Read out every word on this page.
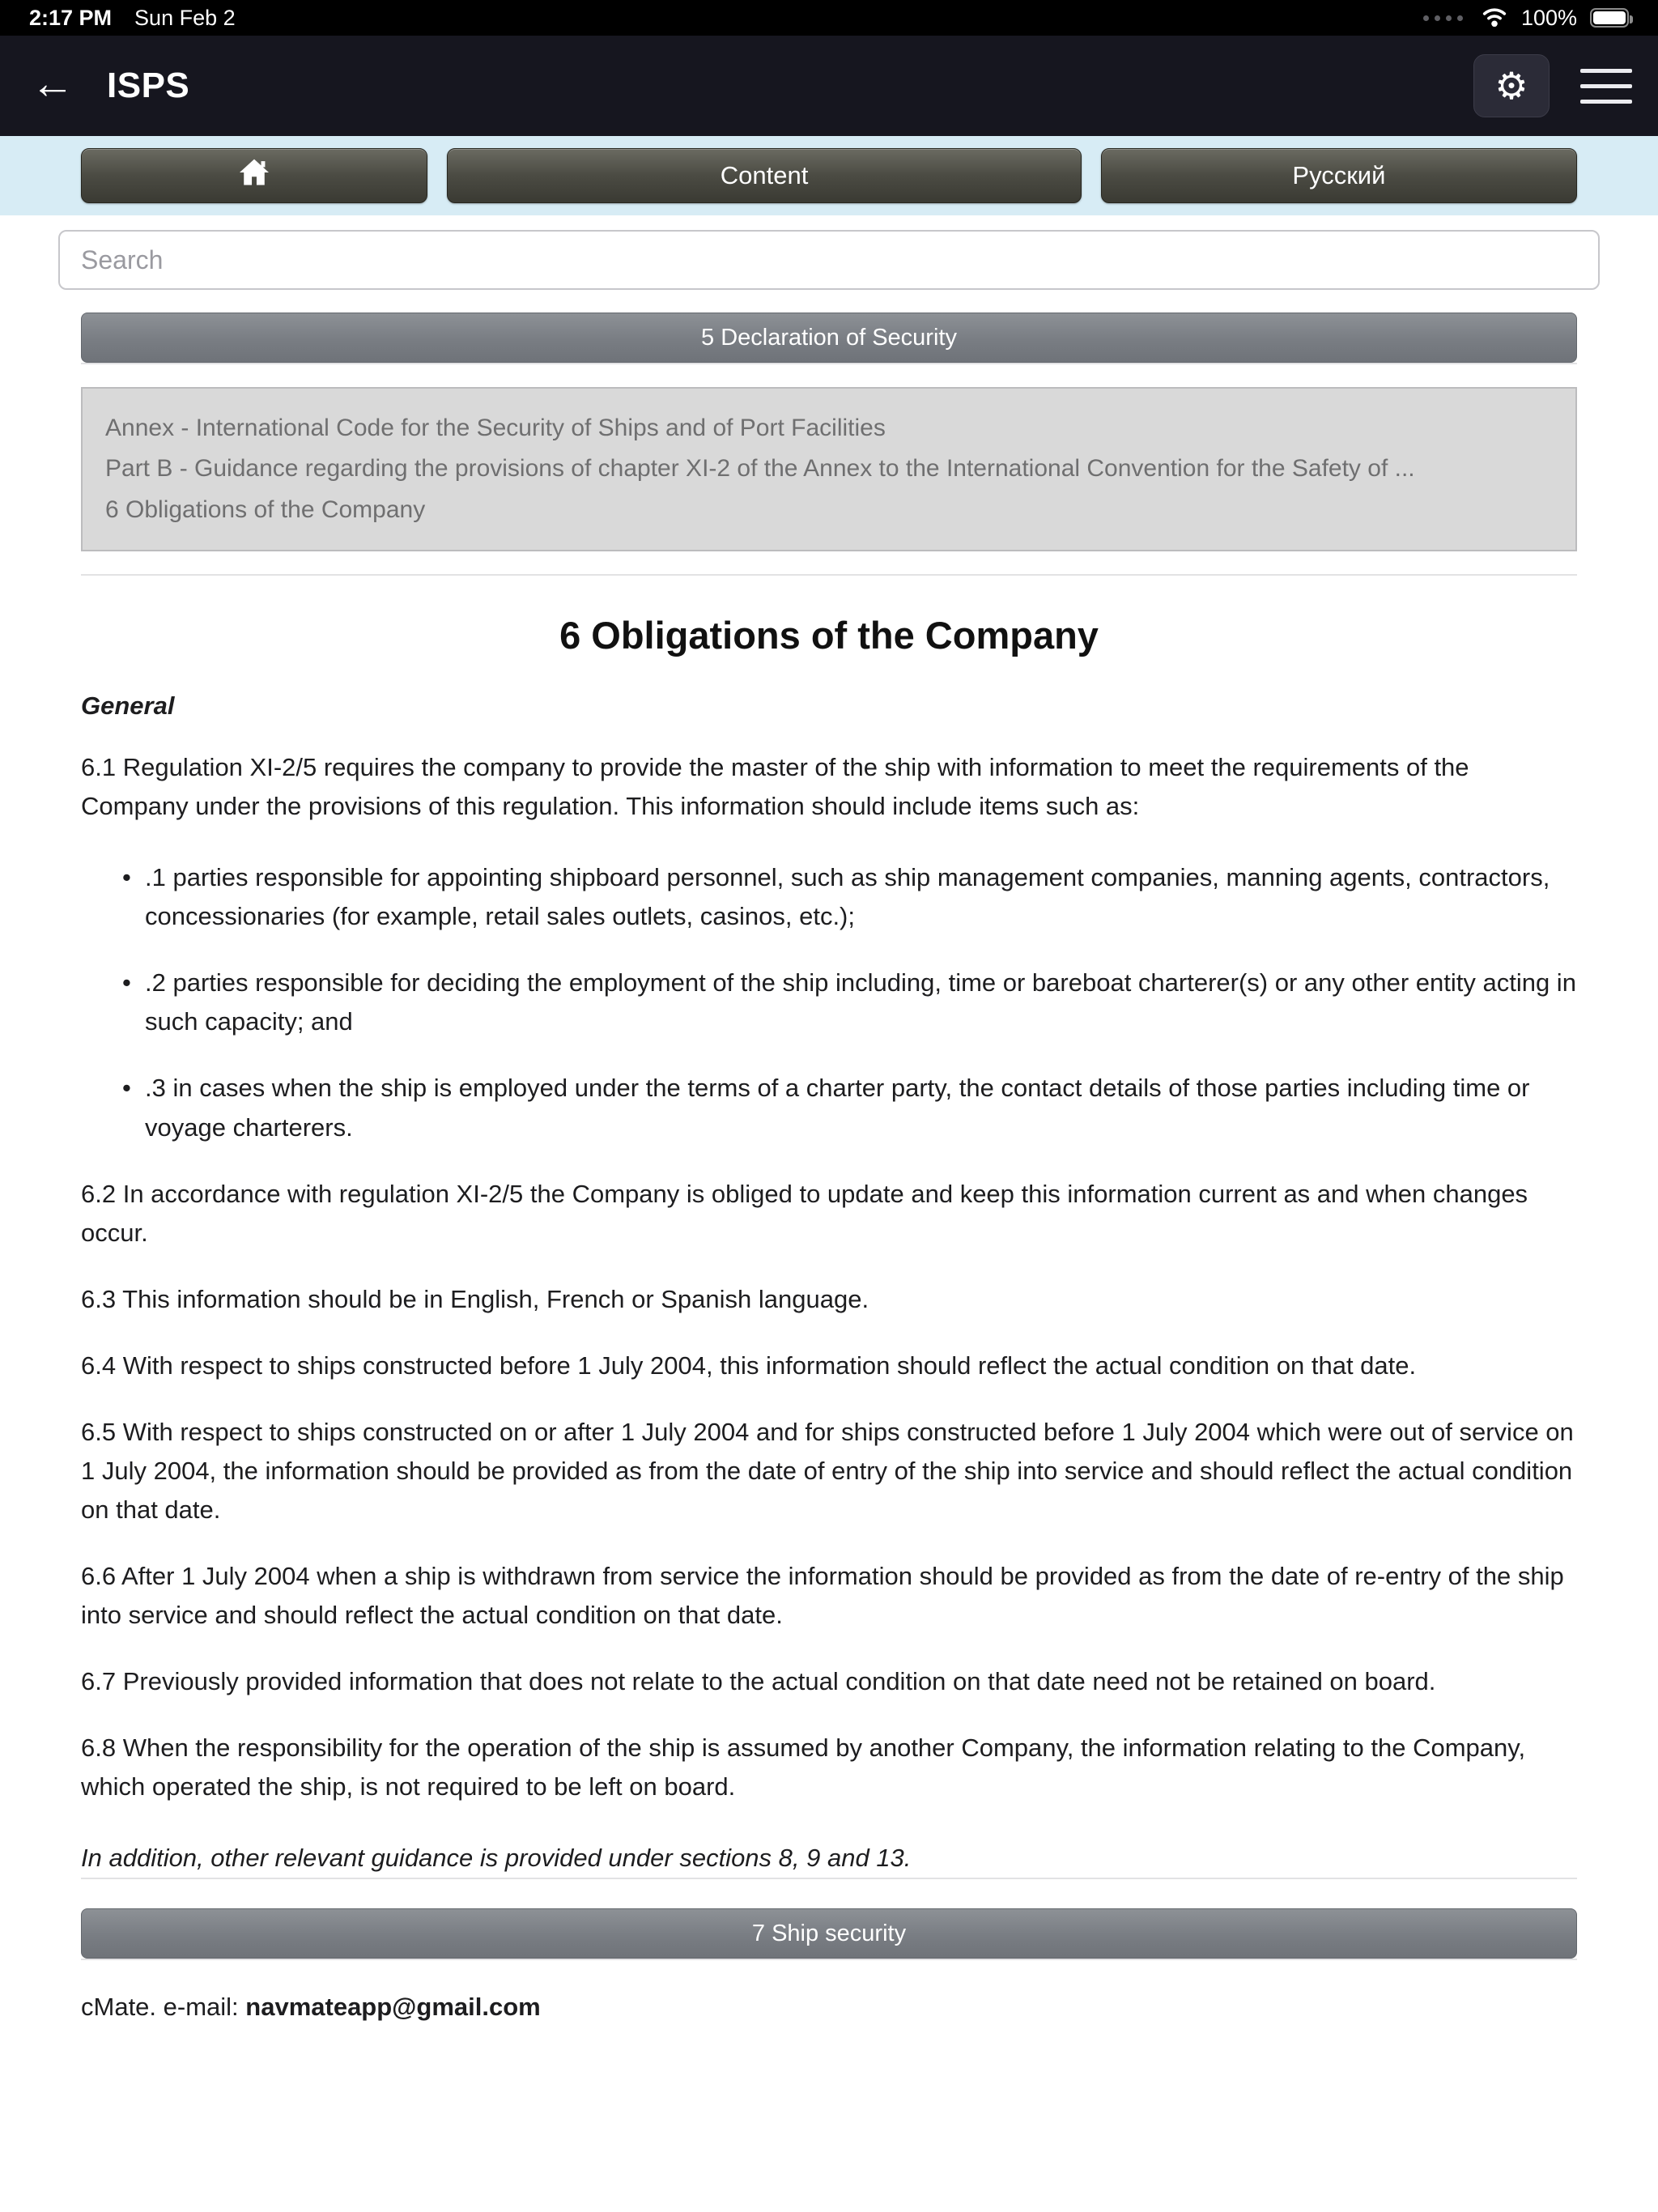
2:17 PM Sun Feb 2	100%
← ISPS	⚙
Content	Русский
Search
5 Declaration of Security
Annex - International Code for the Security of Ships and of Port Facilities
Part B - Guidance regarding the provisions of chapter XI-2 of the Annex to the International Convention for the Safety of ...
6 Obligations of the Company
6 Obligations of the Company

General

6.1 Regulation XI-2/5 requires the company to provide the master of the ship with information to meet the requirements of the Company under the provisions of this regulation. This information should include items such as:

• .1 parties responsible for appointing shipboard personnel, such as ship management companies, manning agents, contractors, concessionaries (for example, retail sales outlets, casinos, etc.);
• .2 parties responsible for deciding the employment of the ship including, time or bareboat charterer(s) or any other entity acting in such capacity; and
• .3 in cases when the ship is employed under the terms of a charter party, the contact details of those parties including time or voyage charterers.

6.2 In accordance with regulation XI-2/5 the Company is obliged to update and keep this information current as and when changes occur.

6.3 This information should be in English, French or Spanish language.

6.4 With respect to ships constructed before 1 July 2004, this information should reflect the actual condition on that date.

6.5 With respect to ships constructed on or after 1 July 2004 and for ships constructed before 1 July 2004 which were out of service on 1 July 2004, the information should be provided as from the date of entry of the ship into service and should reflect the actual condition on that date.

6.6 After 1 July 2004 when a ship is withdrawn from service the information should be provided as from the date of re-entry of the ship into service and should reflect the actual condition on that date.

6.7 Previously provided information that does not relate to the actual condition on that date need not be retained on board.

6.8 When the responsibility for the operation of the ship is assumed by another Company, the information relating to the Company, which operated the ship, is not required to be left on board.

In addition, other relevant guidance is provided under sections 8, 9 and 13.

7 Ship security

cMate. e-mail: navmateapp@gmail.com
